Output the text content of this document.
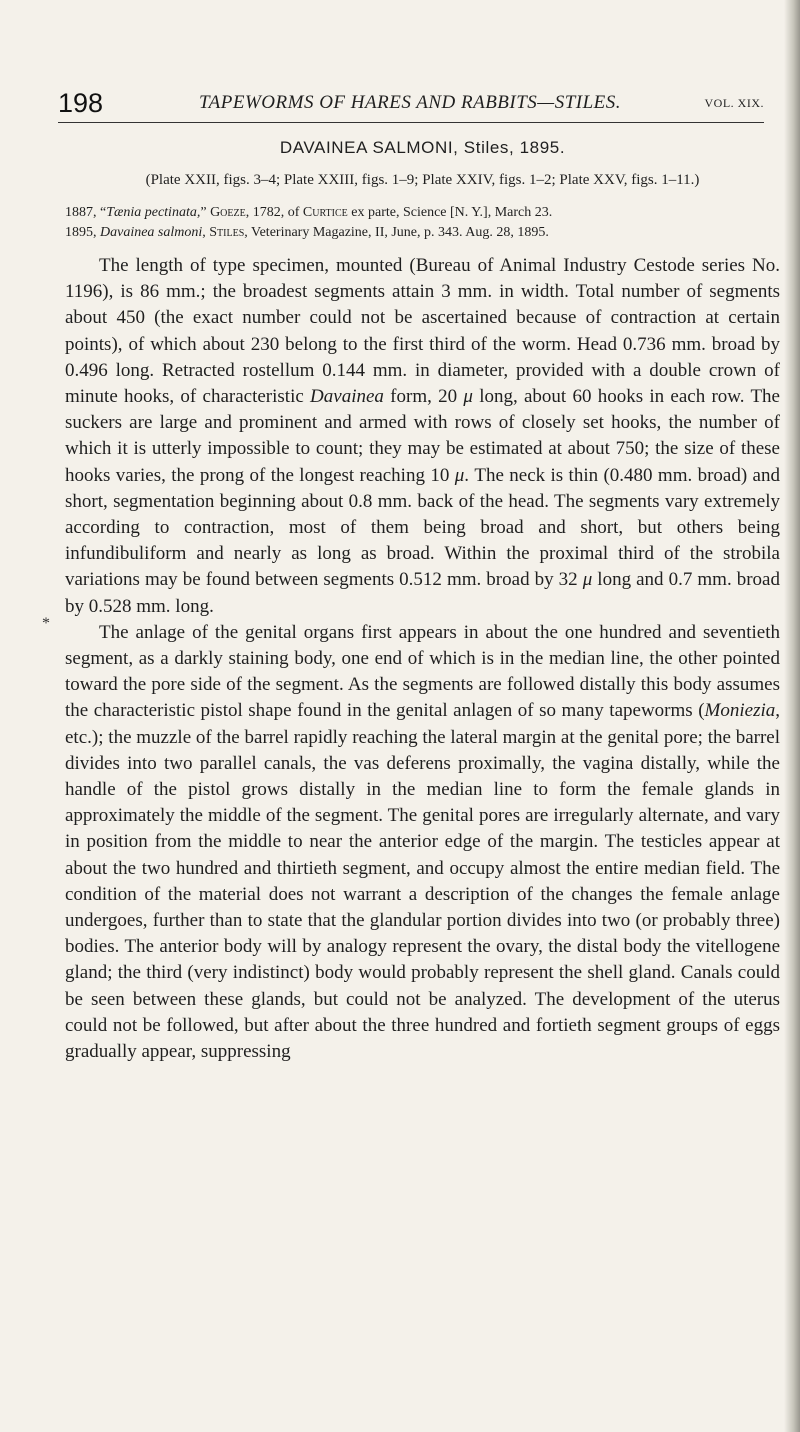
198	TAPEWORMS OF HARES AND RABBITS—STILES.	VOL. XIX.
*

DAVAINEA SALMONI, Stiles, 1895.

(Plate XXII, figs. 3–4; Plate XXIII, figs. 1–9; Plate XXIV, figs. 1–2; Plate XXV, figs. 1–11.)

1887, “Tænia pectinata,” Goeze, 1782, of Curtice ex parte, Science [N. Y.], March 23.
1895, Davainea salmoni, Stiles, Veterinary Magazine, II, June, p. 343. Aug. 28, 1895.

The length of type specimen, mounted (Bureau of Animal Industry Cestode series No. 1196), is 86 mm.; the broadest segments attain 3 mm. in width. Total number of segments about 450 (the exact number could not be ascertained because of contraction at certain points), of which about 230 belong to the first third of the worm. Head 0.736 mm. broad by 0.496 long. Retracted rostellum 0.144 mm. in diameter, provided with a double crown of minute hooks, of characteristic Davainea form, 20 μ long, about 60 hooks in each row. The suckers are large and prominent and armed with rows of closely set hooks, the number of which it is utterly impossible to count; they may be estimated at about 750; the size of these hooks varies, the prong of the longest reaching 10 μ. The neck is thin (0.480 mm. broad) and short, segmentation beginning about 0.8 mm. back of the head. The segments vary extremely according to contraction, most of them being broad and short, but others being infundibuliform and nearly as long as broad. Within the proximal third of the strobila variations may be found between segments 0.512 mm. broad by 32 μ long and 0.7 mm. broad by 0.528 mm. long.

The anlage of the genital organs first appears in about the one hundred and seventieth segment, as a darkly staining body, one end of which is in the median line, the other pointed toward the pore side of the segment. As the segments are followed distally this body assumes the characteristic pistol shape found in the genital anlagen of so many tapeworms (Moniezia, etc.); the muzzle of the barrel rapidly reaching the lateral margin at the genital pore; the barrel divides into two parallel canals, the vas deferens proximally, the vagina distally, while the handle of the pistol grows distally in the median line to form the female glands in approximately the middle of the segment. The genital pores are irregularly alternate, and vary in position from the middle to near the anterior edge of the margin. The testicles appear at about the two hundred and thirtieth segment, and occupy almost the entire median field. The condition of the material does not warrant a description of the changes the female anlage undergoes, further than to state that the glandular portion divides into two (or probably three) bodies. The anterior body will by analogy represent the ovary, the distal body the vitellogene gland; the third (very indistinct) body would probably represent the shell gland. Canals could be seen between these glands, but could not be analyzed. The development of the uterus could not be followed, but after about the three hundred and fortieth segment groups of eggs gradually appear, suppressing
